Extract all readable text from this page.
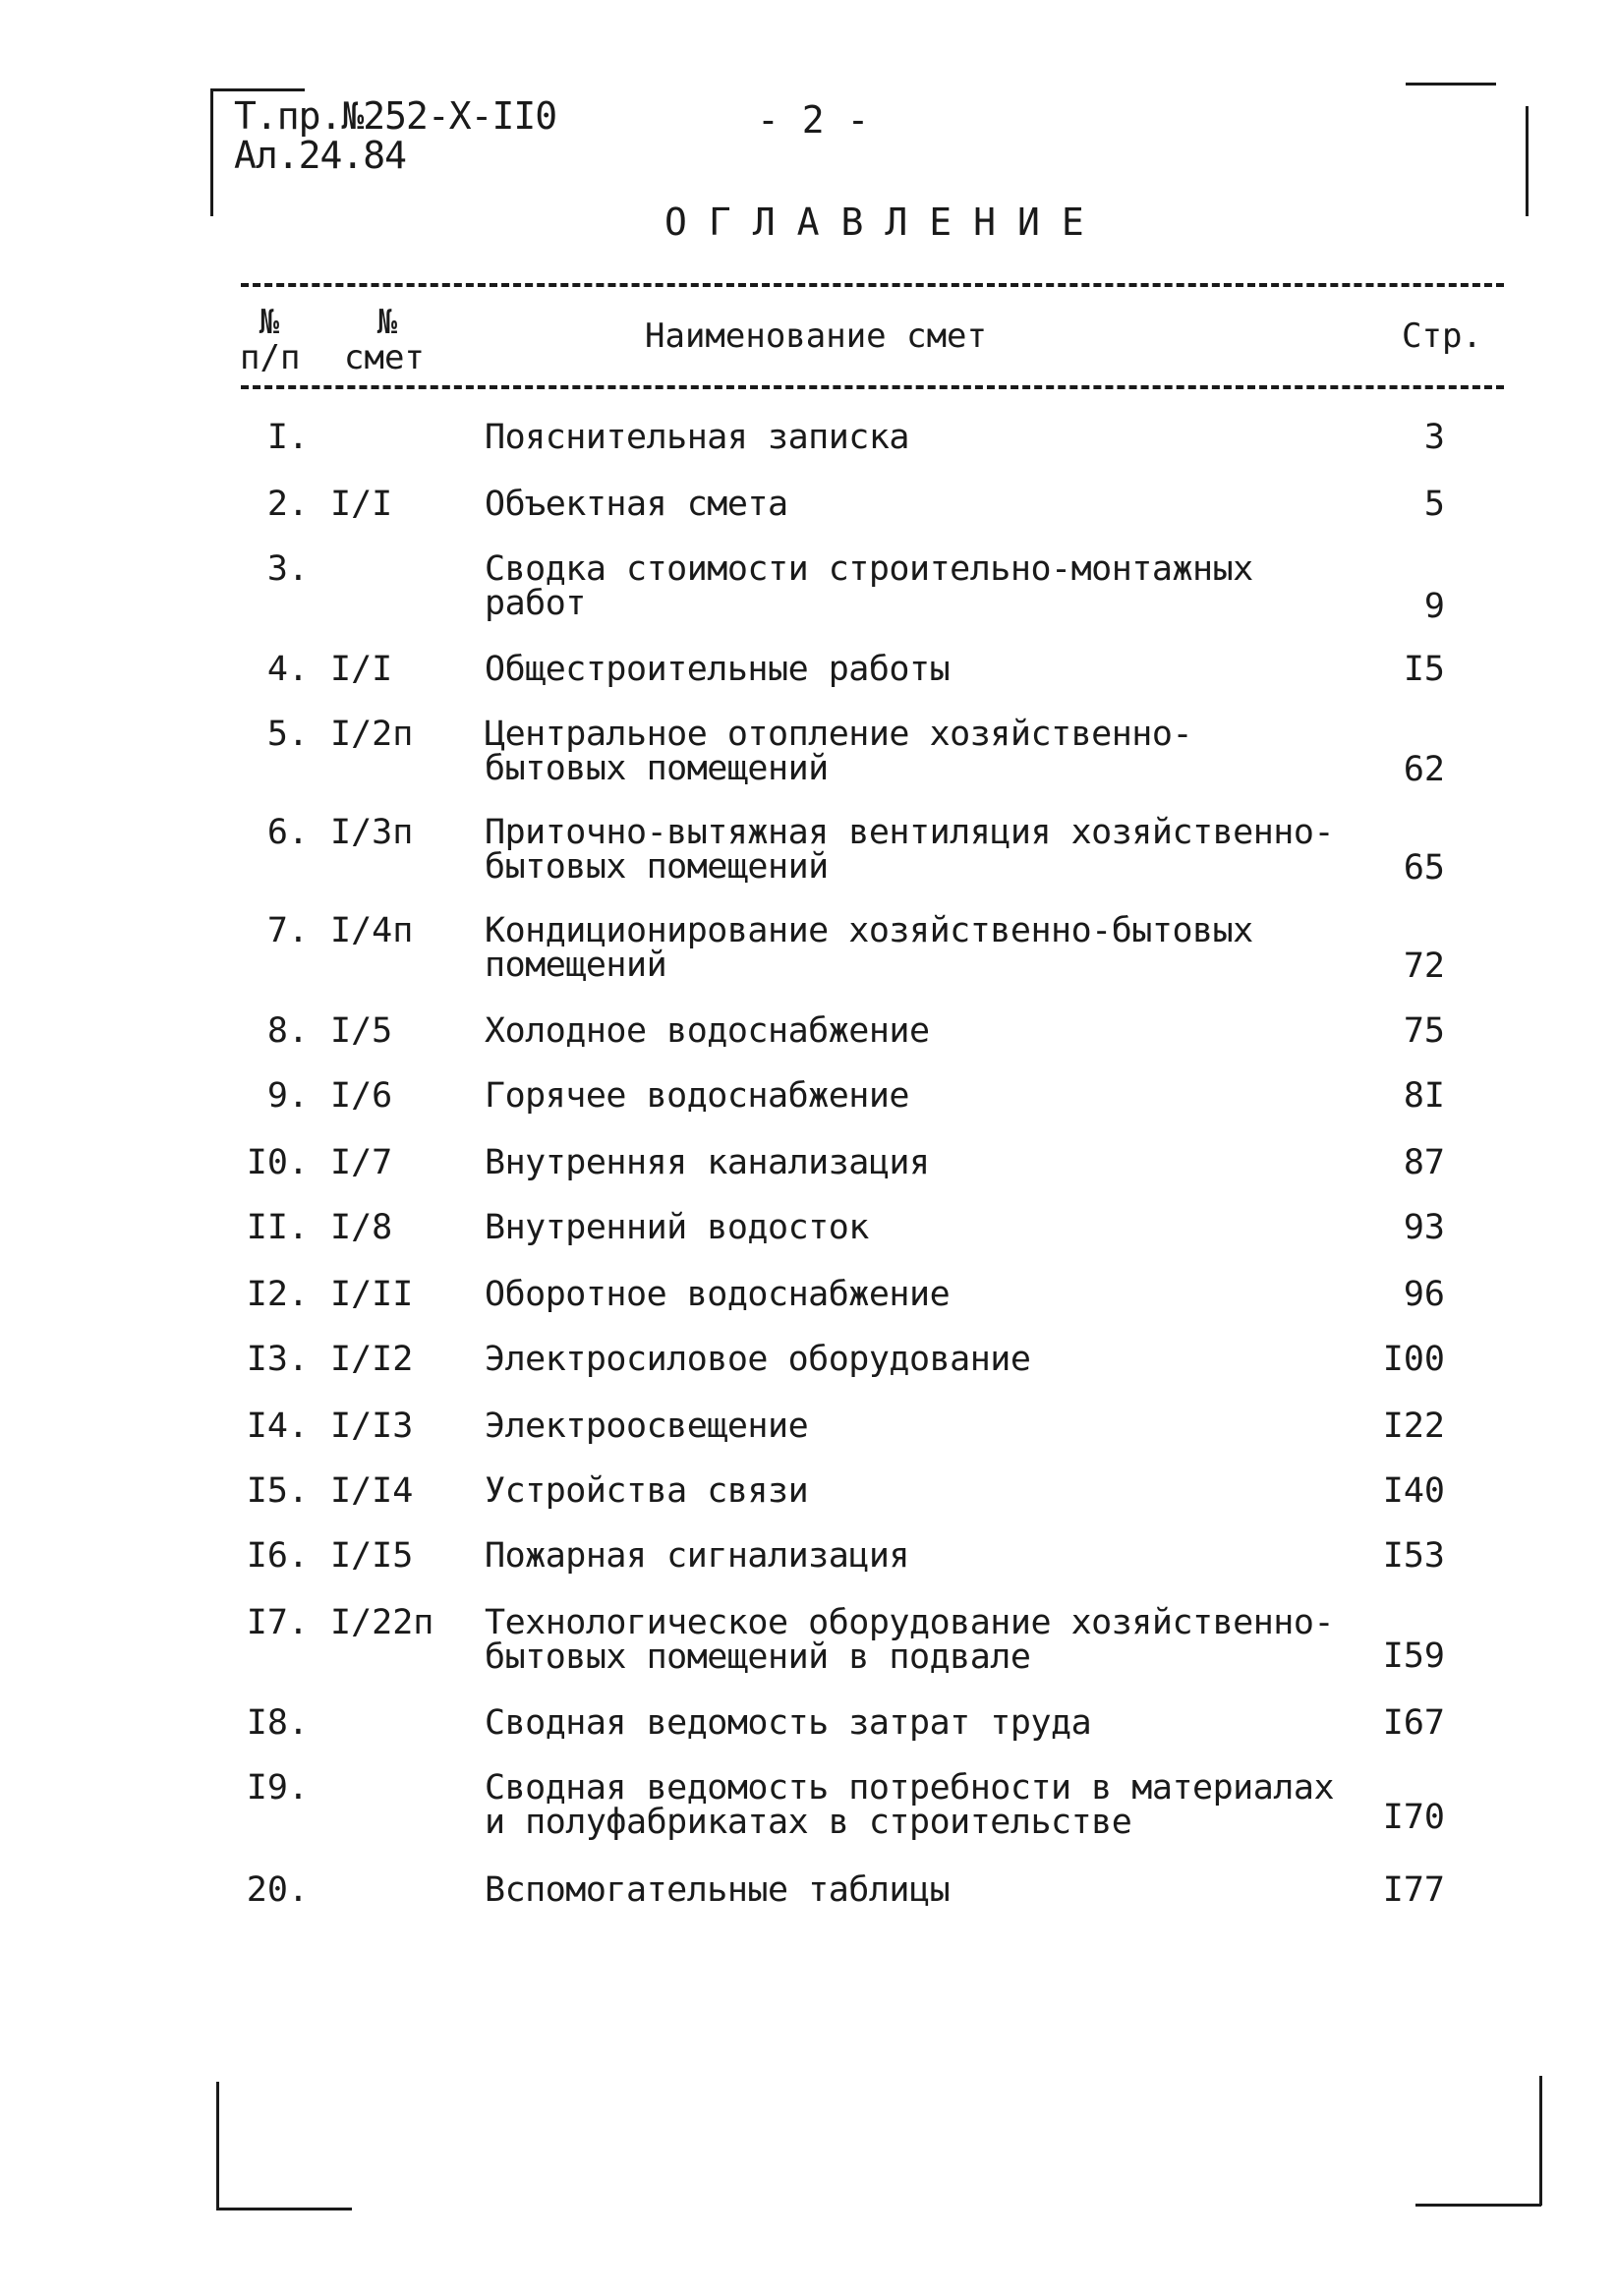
Т.пр.№252-Х-ІІ0
Ал.24.84
- 2 -
ОГЛАВЛЕНИЕ
№
п/п
№
смет
Наименование смет	Стр.
I.	Пояснительная записка	3
2. I/I	Объектная смета	5
3.	Сводка стоимости строительно-монтажных
работ	9
4. I/I	Общестроительные работы	I5
5. I/2п Центральное отопление хозяйственно-
бытовых помещений	62
6. I/3п Приточно-вытяжная вентиляция хозяйственно-
бытовых помещений	65
7. I/4п Кондиционирование хозяйственно-бытовых
помещений	72
8. I/5	Холодное водоснабжение	75
9. I/6	Горячее водоснабжение	8I
I0. I/7	Внутренняя канализация	87
II. I/8	Внутренний водосток	93
I2. I/II Оборотное водоснабжение	96
I3. I/I2 Электросиловое оборудование	I00
I4. I/I3 Электроосвещение	I22
I5. I/I4 Устройства связи	I40
I6. I/I5 Пожарная сигнализация	I53
I7. I/22п Технологическое оборудование хозяйственно-
бытовых помещений в подвале	I59
I8.	Сводная ведомость затрат труда	I67
I9.	Сводная ведомость потребности в материалах
и полуфабрикатах в строительстве	I70
20.	Вспомогательные таблицы	I77
